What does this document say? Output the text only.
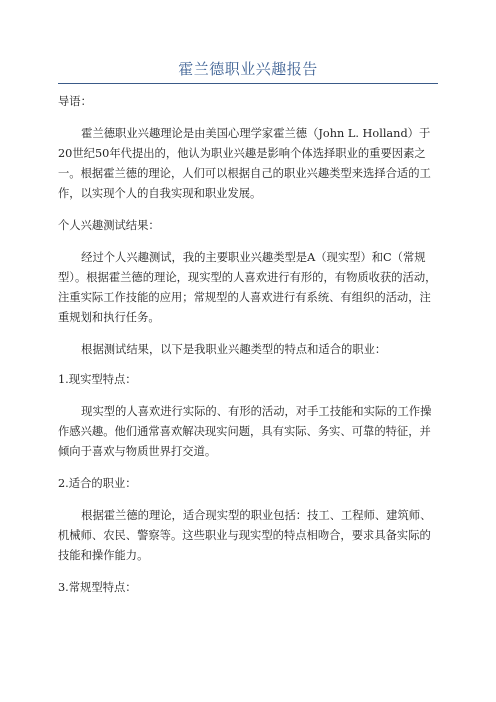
霍兰德职业兴趣报告
导语：
霍兰德职业兴趣理论是由美国心理学家霍兰德（John L. Holland）于20世纪50年代提出的，他认为职业兴趣是影响个体选择职业的重要因素之一。根据霍兰德的理论，人们可以根据自己的职业兴趣类型来选择合适的工作，以实现个人的自我实现和职业发展。
个人兴趣测试结果：
经过个人兴趣测试，我的主要职业兴趣类型是A（现实型）和C（常规型）。根据霍兰德的理论，现实型的人喜欢进行有形的，有物质收获的活动，注重实际工作技能的应用；常规型的人喜欢进行有系统、有组织的活动，注重规划和执行任务。
根据测试结果，以下是我职业兴趣类型的特点和适合的职业：
1.现实型特点：
现实型的人喜欢进行实际的、有形的活动，对手工技能和实际的工作操作感兴趣。他们通常喜欢解决现实问题，具有实际、务实、可靠的特征，并倾向于喜欢与物质世界打交道。
2.适合的职业：
根据霍兰德的理论，适合现实型的职业包括：技工、工程师、建筑师、机械师、农民、警察等。这些职业与现实型的特点相吻合，要求具备实际的技能和操作能力。
3.常规型特点：
